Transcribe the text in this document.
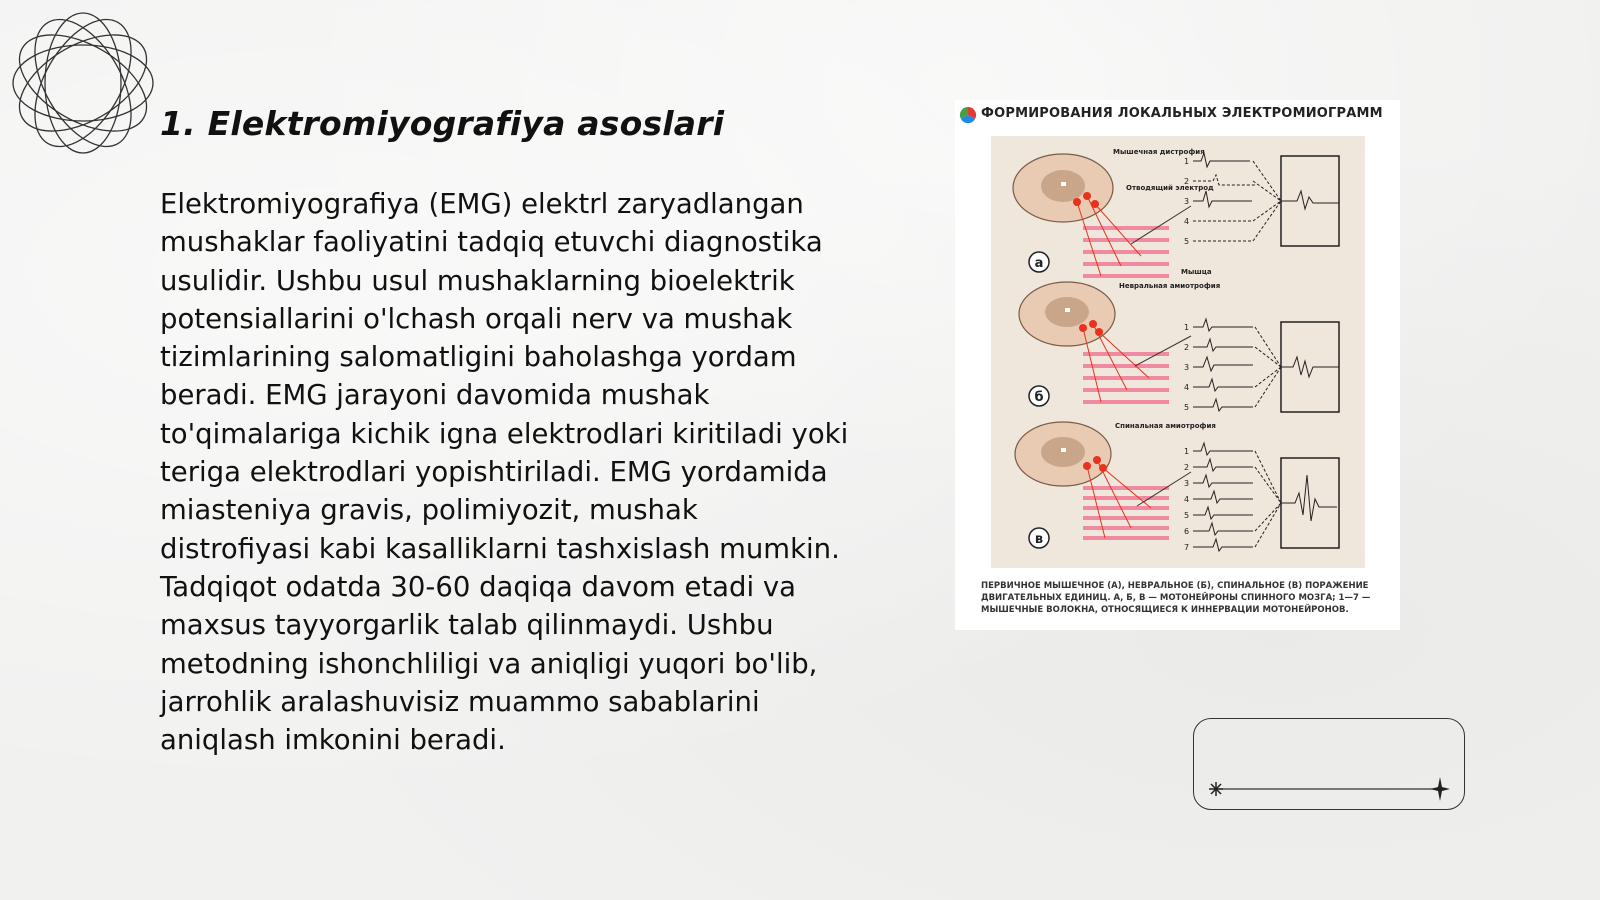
1. Elektromiyografiya asoslari

Elektromiyografiya (EMG) elektrl zaryadlangan mushaklar faoliyatini tadqiq etuvchi diagnostika usulidir. Ushbu usul mushaklarning bioelektrik potensiallarini o'lchash orqali nerv va mushak tizimlarining salomatligini baholashga yordam beradi. EMG jarayoni davomida mushak to'qimalariga kichik igna elektrodlari kiritiladi yoki teriga elektrodlari yopishtiriladi. EMG yordamida miasteniya gravis, polimiyozit, mushak distrofiyasi kabi kasalliklarni tashxislash mumkin. Tadqiqot odatda 30-60 daqiqa davom etadi va maxsus tayyorgarlik talab qilinmaydi. Ushbu metodning ishonchliligi va aniqligi yuqori bo'lib, jarrohlik aralashuvisiz muammo sabablarini aniqlash imkonini beradi.

ФОРМИРОВАНИЯ ЛОКАЛЬНЫХ ЭЛЕКТРОМИОГРАММ
а
Мышечная дистрофия
Отводящий электрод
Мышца
1
2
3
4
5
б
Невральная амиотрофия
1
2
3
4
5
в
Спинальная амиотрофия
1
2
3
4
5
6
7
ПЕРВИЧНОЕ МЫШЕЧНОЕ (А), НЕВРАЛЬНОЕ (Б), СПИНАЛЬНОЕ (В) ПОРАЖЕНИЕ ДВИГАТЕЛЬНЫХ ЕДИНИЦ. А, Б, В — МОТОНЕЙРОНЫ СПИННОГО МОЗГА; 1—7 — МЫШЕЧНЫЕ ВОЛОКНА, ОТНОСЯЩИЕСЯ К ИННЕРВАЦИИ МОТОНЕЙРОНОВ.
